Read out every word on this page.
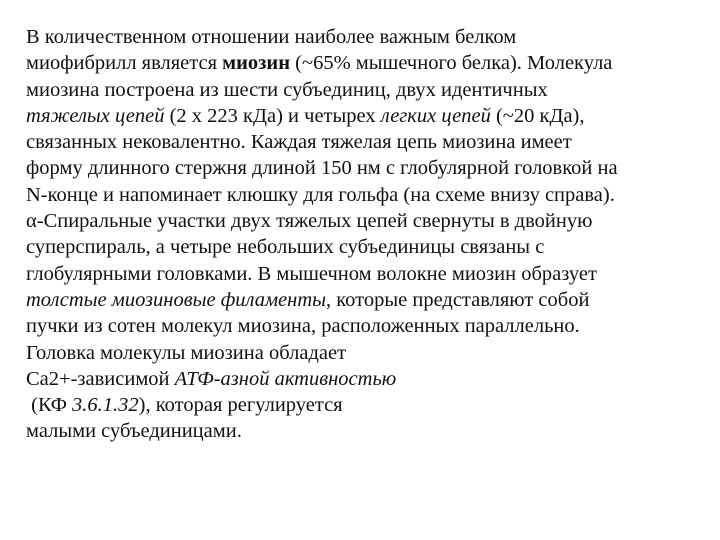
В количественном отношении наиболее важным белком
миофибрилл является миозин (~65% мышечного белка). Молекула
миозина построена из шести субъединиц, двух идентичных
тяжелых цепей (2 х 223 кДа) и четырех легких цепей (~20 кДа),
связанных нековалентно. Каждая тяжелая цепь миозина имеет
форму длинного стержня длиной 150 нм с глобулярной головкой на
N-конце и напоминает клюшку для гольфа (на схеме внизу справа).
α-Спиральные участки двух тяжелых цепей свернуты в двойную
суперспираль, а четыре небольших субъединицы связаны с
глобулярными головками. В мышечном волокне миозин образует
толстые миозиновые филаменты, которые представляют собой
пучки из сотен молекул миозина, расположенных параллельно.
Головка молекулы миозина обладает
Са2+-зависимой АТФ-азной активностью
(КФ 3.6.1.32), которая регулируется
малыми субъединицами.
